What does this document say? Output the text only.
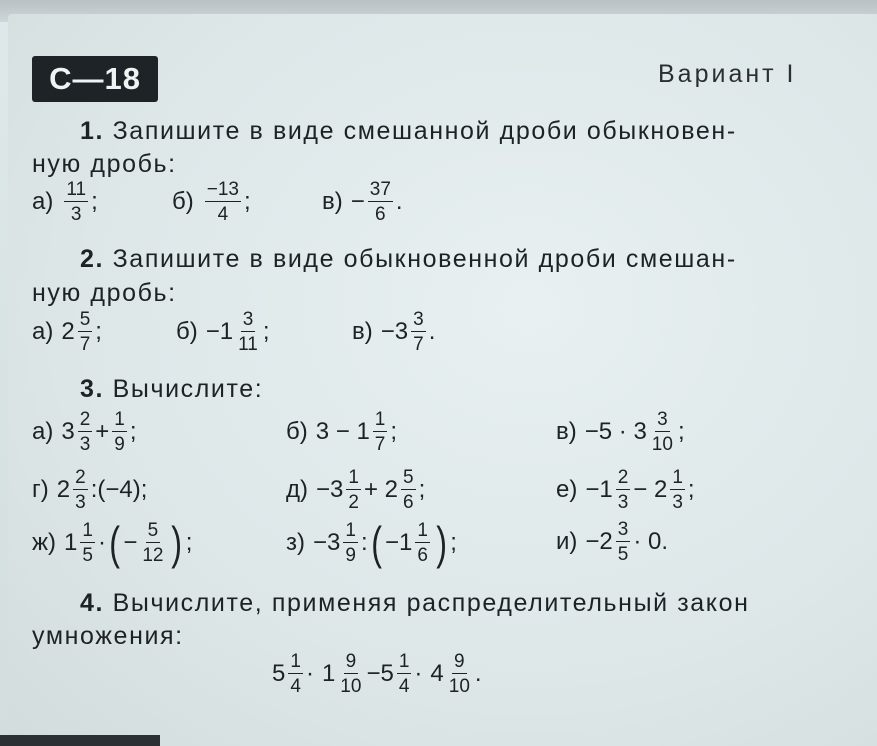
C—18	Вариант I
1. Запишите в виде смешанной дроби обыкновен-
ную дробь:
$а) \frac{11}{3}$ ;	$б) \frac{-13}{4}$ ;	$в) - \frac{37}{6}$ .
2. Запишите в виде обыкновенной дроби смешан-
ную дробь:
а) $2 \frac{5}{7}$ ;	$б) -1 \frac{3}{11}$ ;	$в) -3 \frac{3}{7}$ .
3. Вычислите:
а) $3 \frac{2}{3} + \frac{1}{9}$ ;	б) $3 - 1 \frac{1}{7}$ ;	$в) -5 \cdot 3 \frac{3}{10}$ ;
г) $2 \frac{2}{3}$ :(−4);	$д) -3 \frac{1}{2} + 2 \frac{5}{6}$ ;	$е) -1 \frac{2}{3} - 2 \frac{1}{3}$ ;
ж) $1 \frac{1}{5}$ · ( − $\frac{5}{12}$ ) ;	$з) -3 \frac{1}{9}$ : ( $-1 \frac{1}{6}$ ) ;	$и) -2 \frac{3}{5} \cdot 0$.
4. Вычислите, применяя распределительный закон
умножения:
$5 \frac{1}{4} \cdot 1 \frac{9}{10} - 5 \frac{1}{4} \cdot 4 \frac{9}{10}$ .
